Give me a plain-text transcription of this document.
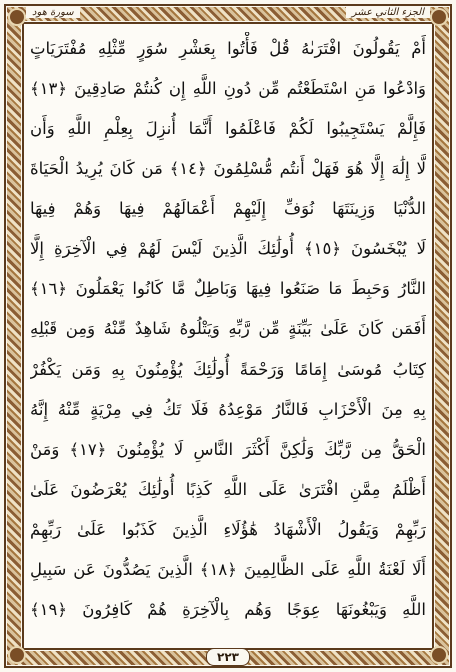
الجزء الثاني عشر
سورة هود
أَمْ يَقُولُونَ افْتَرَىٰهُ قُلْ فَأْتُوا بِعَشْرِ سُوَرٍ مِّثْلِهِ مُفْتَرَيَاتٍ
وَادْعُوا مَنِ اسْتَطَعْتُم مِّن دُونِ اللَّهِ إِن كُنتُمْ صَادِقِينَ ﴿١٣﴾
فَإِلَّمْ يَسْتَجِيبُوا لَكُمْ فَاعْلَمُوا أَنَّمَا أُنزِلَ بِعِلْمِ اللَّهِ وَأَن
لَّا إِلَٰهَ إِلَّا هُوَ فَهَلْ أَنتُم مُّسْلِمُونَ ﴿١٤﴾ مَن كَانَ يُرِيدُ الْحَيَاةَ
الدُّنْيَا وَزِينَتَهَا نُوَفِّ إِلَيْهِمْ أَعْمَالَهُمْ فِيهَا وَهُمْ فِيهَا
لَا يُبْخَسُونَ ﴿١٥﴾ أُولَٰئِكَ الَّذِينَ لَيْسَ لَهُمْ فِي الْآخِرَةِ إِلَّا
النَّارُ وَحَبِطَ مَا صَنَعُوا فِيهَا وَبَاطِلٌ مَّا كَانُوا يَعْمَلُونَ ﴿١٦﴾
أَفَمَن كَانَ عَلَىٰ بَيِّنَةٍ مِّن رَّبِّهِ وَيَتْلُوهُ شَاهِدٌ مِّنْهُ وَمِن قَبْلِهِ
كِتَابُ مُوسَىٰ إِمَامًا وَرَحْمَةً أُولَٰئِكَ يُؤْمِنُونَ بِهِ وَمَن يَكْفُرْ
بِهِ مِنَ الْأَحْزَابِ فَالنَّارُ مَوْعِدُهُ فَلَا تَكُ فِي مِرْيَةٍ مِّنْهُ إِنَّهُ
الْحَقُّ مِن رَّبِّكَ وَلَٰكِنَّ أَكْثَرَ النَّاسِ لَا يُؤْمِنُونَ ﴿١٧﴾ وَمَنْ
أَظْلَمُ مِمَّنِ افْتَرَىٰ عَلَى اللَّهِ كَذِبًا أُولَٰئِكَ يُعْرَضُونَ عَلَىٰ
رَبِّهِمْ وَيَقُولُ الْأَشْهَادُ هَٰؤُلَاءِ الَّذِينَ كَذَبُوا عَلَىٰ رَبِّهِمْ
أَلَا لَعْنَةُ اللَّهِ عَلَى الظَّالِمِينَ ﴿١٨﴾ الَّذِينَ يَصُدُّونَ عَن سَبِيلِ
اللَّهِ وَيَبْغُونَهَا عِوَجًا وَهُم بِالْآخِرَةِ هُمْ كَافِرُونَ ﴿١٩﴾
٢٢٣
